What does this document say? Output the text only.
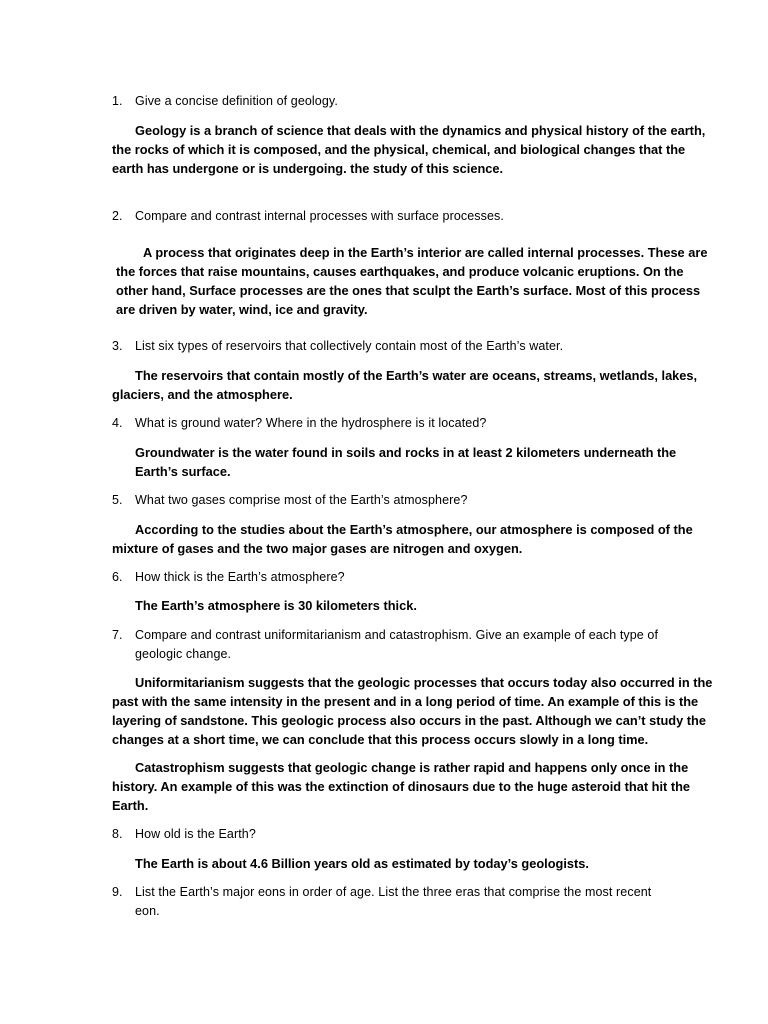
1. Give a concise definition of geology.
Geology is a branch of science that deals with the dynamics and physical history of the earth,
the rocks of which it is composed, and the physical, chemical, and biological changes that the
earth has undergone or is undergoing. the study of this science.
2. Compare and contrast internal processes with surface processes.
A process that originates deep in the Earth’s interior are called internal processes. These are
the forces that raise mountains, causes earthquakes, and produce volcanic eruptions. On the
other hand, Surface processes are the ones that sculpt the Earth’s surface. Most of this process
are driven by water, wind, ice and gravity.
3. List six types of reservoirs that collectively contain most of the Earth’s water.
The reservoirs that contain mostly of the Earth’s water are oceans, streams, wetlands, lakes,
glaciers, and the atmosphere.
4. What is ground water? Where in the hydrosphere is it located?
Groundwater is the water found in soils and rocks in at least 2 kilometers underneath the
Earth’s surface.
5. What two gases comprise most of the Earth’s atmosphere?
According to the studies about the Earth’s atmosphere, our atmosphere is composed of the
mixture of gases and the two major gases are nitrogen and oxygen.
6. How thick is the Earth’s atmosphere?
The Earth’s atmosphere is 30 kilometers thick.
7. Compare and contrast uniformitarianism and catastrophism. Give an example of each type of
geologic change.
Uniformitarianism suggests that the geologic processes that occurs today also occurred in the
past with the same intensity in the present and in a long period of time. An example of this is the
layering of sandstone. This geologic process also occurs in the past. Although we can’t study the
changes at a short time, we can conclude that this process occurs slowly in a long time.
Catastrophism suggests that geologic change is rather rapid and happens only once in the
history. An example of this was the extinction of dinosaurs due to the huge asteroid that hit the
Earth.
8. How old is the Earth?
The Earth is about 4.6 Billion years old as estimated by today’s geologists.
9. List the Earth’s major eons in order of age. List the three eras that comprise the most recent
eon.
